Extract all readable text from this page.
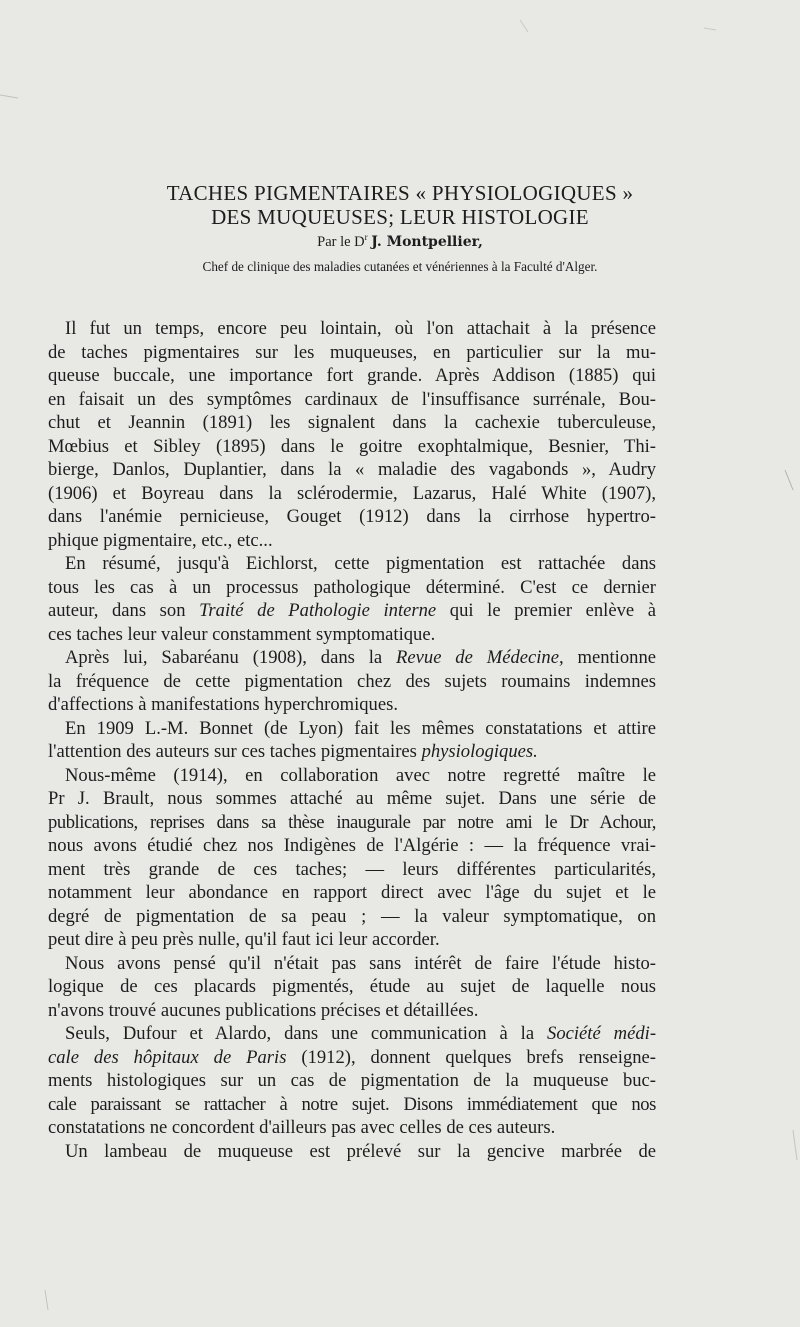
TACHES PIGMENTAIRES « PHYSIOLOGIQUES »
DES MUQUEUSES; LEUR HISTOLOGIE
Par le $D^r$ J. Montpellier,
Chef de clinique des maladies cutanées et vénériennes à la Faculté d'Alger.
Il fut un temps, encore peu lointain, où l'on attachait à la présence
de taches pigmentaires sur les muqueuses, en particulier sur la mu-
queuse buccale, une importance fort grande. Après Addison (1885) qui
en faisait un des symptômes cardinaux de l'insuffisance surrénale, Bou-
chut et Jeannin (1891) les signalent dans la cachexie tuberculeuse,
Mœbius et Sibley (1895) dans le goitre exophtalmique, Besnier, Thi-
bierge, Danlos, Duplantier, dans la « maladie des vagabonds », Audry
(1906) et Boyreau dans la sclérodermie, Lazarus, Halé White (1907),
dans l'anémie pernicieuse, Gouget (1912) dans la cirrhose hypertro-
phique pigmentaire, etc., etc...
En résumé, jusqu'à Eichlorst, cette pigmentation est rattachée dans
tous les cas à un processus pathologique déterminé. C'est ce dernier
auteur, dans son Traité de Pathologie interne qui le premier enlève à
ces taches leur valeur constamment symptomatique.
Après lui, Sabaréanu (1908), dans la Revue de Médecine, mentionne
la fréquence de cette pigmentation chez des sujets roumains indemnes
d'affections à manifestations hyperchromiques.
En 1909 L.-M. Bonnet (de Lyon) fait les mêmes constatations et attire
l'attention des auteurs sur ces taches pigmentaires physiologiques.
Nous-même (1914), en collaboration avec notre regretté maître le
Pr J. Brault, nous sommes attaché au même sujet. Dans une série de
publications, reprises dans sa thèse inaugurale par notre ami le Dr Achour,
nous avons étudié chez nos Indigènes de l'Algérie : — la fréquence vrai-
ment très grande de ces taches; — leurs différentes particularités,
notamment leur abondance en rapport direct avec l'âge du sujet et le
degré de pigmentation de sa peau ; — la valeur symptomatique, on
peut dire à peu près nulle, qu'il faut ici leur accorder.
Nous avons pensé qu'il n'était pas sans intérêt de faire l'étude histo-
logique de ces placards pigmentés, étude au sujet de laquelle nous
n'avons trouvé aucunes publications précises et détaillées.
Seuls, Dufour et Alardo, dans une communication à la Société médi-
cale des hôpitaux de Paris (1912), donnent quelques brefs renseigne-
ments histologiques sur un cas de pigmentation de la muqueuse buc-
cale paraissant se rattacher à notre sujet. Disons immédiatement que nos
constatations ne concordent d'ailleurs pas avec celles de ces auteurs.
Un lambeau de muqueuse est prélevé sur la gencive marbrée de
